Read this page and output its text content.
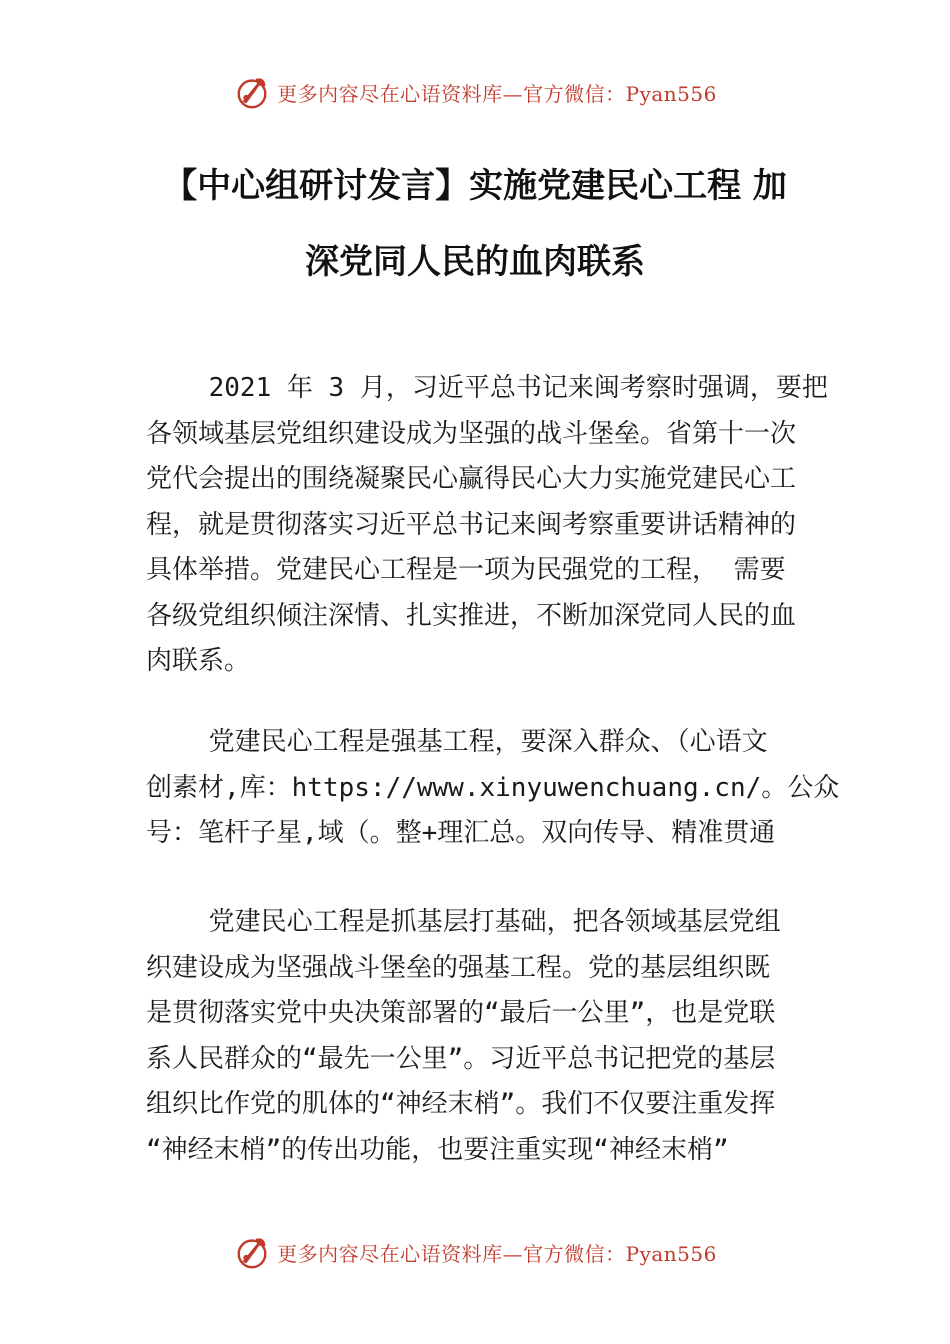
更多内容尽在心语资料库—官方微信：Pyan556
【中心组研讨发言】实施党建民心工程 加
深党同人民的血肉联系

2021 年 3 月，习近平总书记来闽考察时强调，要把
各领域基层党组织建设成为坚强的战斗堡垒。省第十一次
党代会提出的围绕凝聚民心赢得民心大力实施党建民心工
程，就是贯彻落实习近平总书记来闽考察重要讲话精神的
具体举措。党建民心工程是一项为民强党的工程， 需要
各级党组织倾注深情、扎实推进，不断加深党同人民的血
肉联系。

党建民心工程是强基工程，要深入群众、（心语文
创素材,库：https://www.xinyuwenchuang.cn/。公众
号：笔杆子星,域（。整+理汇总。双向传导、精准贯通

党建民心工程是抓基层打基础，把各领域基层党组
织建设成为坚强战斗堡垒的强基工程。党的基层组织既
是贯彻落实党中央决策部署的“最后一公里”，也是党联
系人民群众的“最先一公里”。习近平总书记把党的基层
组织比作党的肌体的“神经末梢”。我们不仅要注重发挥
“神经末梢”的传出功能，也要注重实现“神经末梢”

更多内容尽在心语资料库—官方微信：Pyan556
